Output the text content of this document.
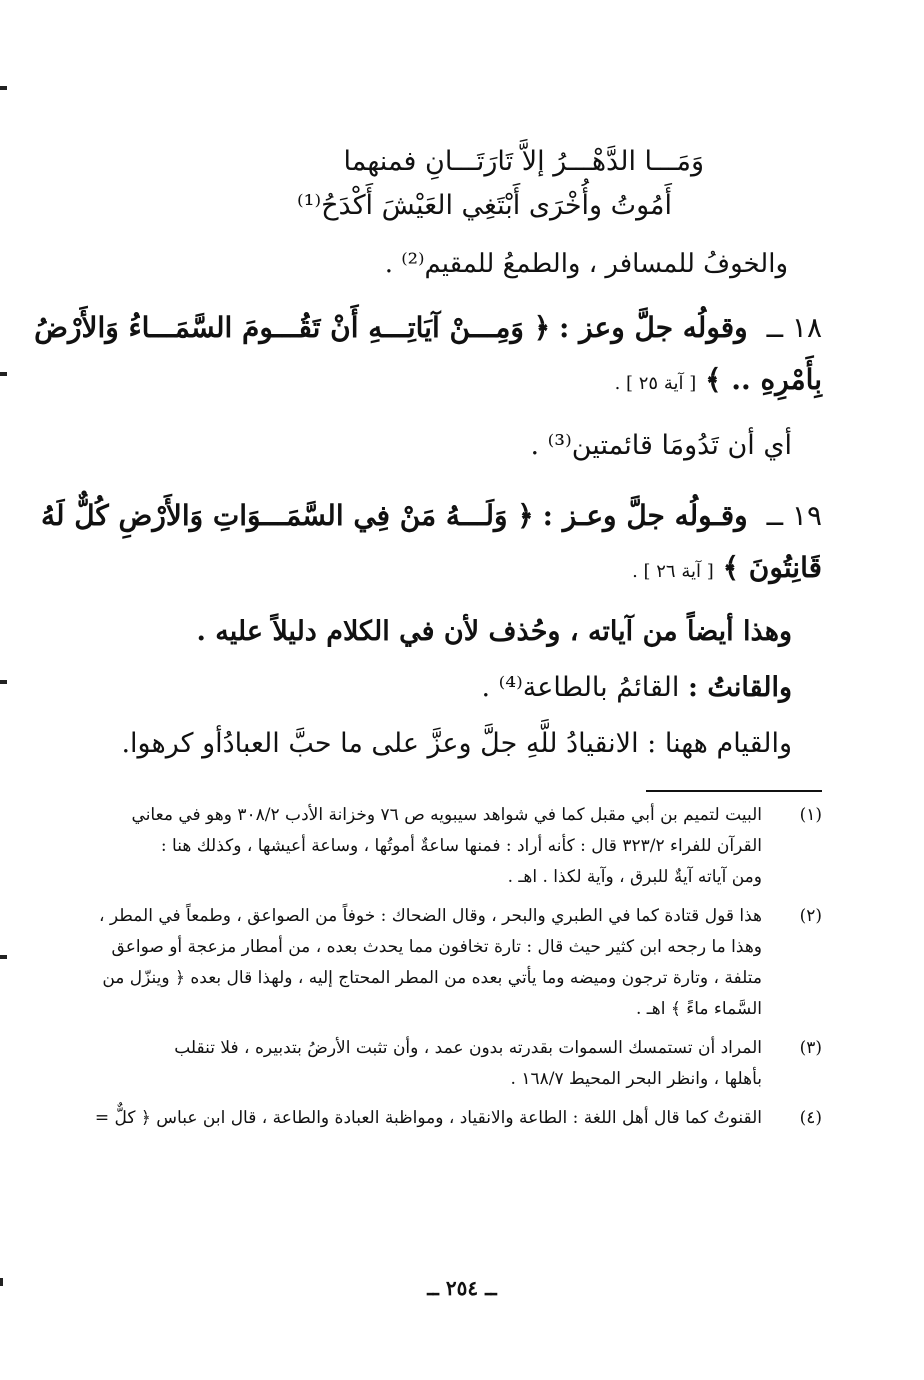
وَمَـــا الدَّهْـــرُ إلاَّ تَارَتَـــانِ فمنهما
أَمُوتُ وأُخْرَى أَبْتَغِي العَيْشَ أَكْدَحُ⁽¹⁾
والخوفُ للمسافر ، والطمعُ للمقيم⁽²⁾ .
١٨ ــ وقولُه جلَّ وعز : ﴿ وَمِـــنْ آيَاتِـــهِ أَنْ تَقُـــومَ السَّمَـــاءُ وَالأَرْضُ
بِأَمْرِهِ .. ﴾ [ آية ٢٥ ] .
أي أن تَدُومَا قائمتين⁽³⁾ .
١٩ ــ وقـولُه جلَّ وعـز : ﴿ وَلَـــهُ مَنْ فِي السَّمَـــوَاتِ وَالأَرْضِ كُلٌّ لَهُ
قَانِتُونَ ﴾ [ آية ٢٦ ] .
وهذا أيضاً من آياته ، وحُذف لأن في الكلام دليلاً عليه .
والقانتُ : القائمُ بالطاعة⁽⁴⁾ .
والقيام ههنا : الانقيادُ للَّهِ جلَّ وعزَّ على ما حبَّ العبادُأو كرهوا.
(١)
البيت لتميم بن أبي مقبل كما في شواهد سيبويه ص ٧٦ وخزانة الأدب ٣٠٨/٢ وهو في معاني
القرآن للفراء ٣٢٣/٢ قال : كأنه أراد : فمنها ساعةٌ أموتُها ، وساعة أعيشها ، وكذلك هنا :
ومن آياته آيةٌ للبرق ، وآية لكذا . اهـ .
(٢)
هذا قول قتادة كما في الطبري والبحر ، وقال الضحاك : خوفاً من الصواعق ، وطمعاً في المطر ،
وهذا ما رجحه ابن كثير حيث قال : تارة تخافون مما يحدث بعده ، من أمطار مزعجة أو صواعق
متلفة ، وتارة ترجون وميضه وما يأتي بعده من المطر المحتاج إليه ، ولهذا قال بعده ﴿ وينزّل من
السَّماء ماءً ﴾ اهـ .
(٣)
المراد أن تستمسك السموات بقدرته بدون عمد ، وأن تثبت الأرضُ بتدبيره ، فلا تنقلب
بأهلها ، وانظر البحر المحيط ١٦٨/٧ .
(٤)
القنوتُ كما قال أهل اللغة : الطاعة والانقياد ، ومواظبة العبادة والطاعة ، قال ابن عباس ﴿ كلٌّ =
ــ ٢٥٤ ــ
